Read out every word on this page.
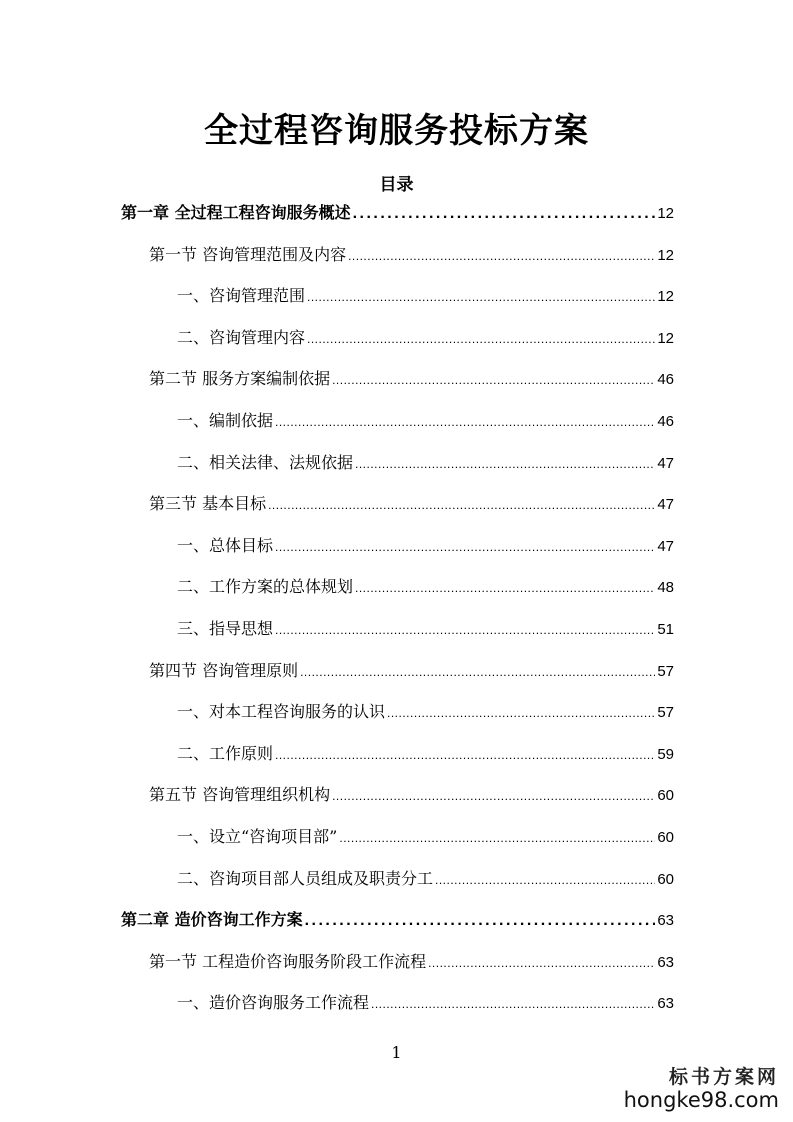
全过程咨询服务投标方案
目录
第一章 全过程工程咨询服务概述 .....	12
第一节 咨询管理范围及内容 .....	12
一、咨询管理范围 .....	12
二、咨询管理内容 .....	12
第二节 服务方案编制依据 .....	46
一、编制依据 .....	46
二、相关法律、法规依据 .....	47
第三节 基本目标 .....	47
一、总体目标 .....	47
二、工作方案的总体规划 .....	48
三、指导思想 .....	51
第四节 咨询管理原则 .....	57
一、对本工程咨询服务的认识 .....	57
二、工作原则 .....	59
第五节 咨询管理组织机构 .....	60
一、设立“咨询项目部” .....	60
二、咨询项目部人员组成及职责分工 .....	60
第二章 造价咨询工作方案 .....	63
第一节 工程造价咨询服务阶段工作流程 .....	63
一、造价咨询服务工作流程 .....	63
1
标书方案网
hongke98.com
